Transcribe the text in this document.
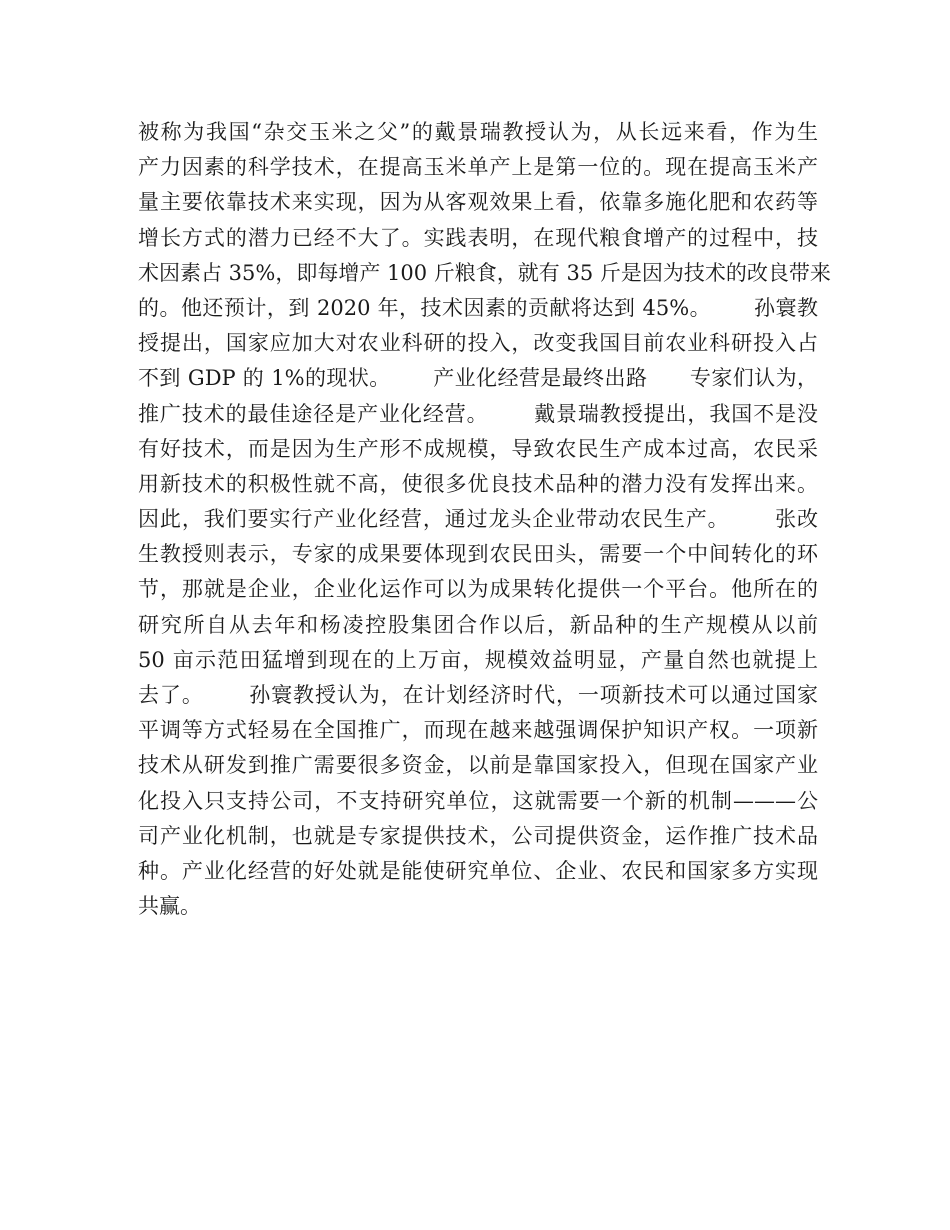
被称为我国“杂交玉米之父”的戴景瑞教授认为，从长远来看，作为生
产力因素的科学技术，在提高玉米单产上是第一位的。现在提高玉米产
量主要依靠技术来实现，因为从客观效果上看，依靠多施化肥和农药等
增长方式的潜力已经不大了。实践表明，在现代粮食增产的过程中，技
术因素占 35%，即每增产 100 斤粮食，就有 35 斤是因为技术的改良带来
的。他还预计，到 2020 年，技术因素的贡献将达到 45%。      孙寰教
授提出，国家应加大对农业科研的投入，改变我国目前农业科研投入占
不到 GDP 的 1%的现状。      产业化经营是最终出路      专家们认为，
推广技术的最佳途径是产业化经营。      戴景瑞教授提出，我国不是没
有好技术，而是因为生产形不成规模，导致农民生产成本过高，农民采
用新技术的积极性就不高，使很多优良技术品种的潜力没有发挥出来。
因此，我们要实行产业化经营，通过龙头企业带动农民生产。      张改
生教授则表示，专家的成果要体现到农民田头，需要一个中间转化的环
节，那就是企业，企业化运作可以为成果转化提供一个平台。他所在的
研究所自从去年和杨凌控股集团合作以后，新品种的生产规模从以前
50 亩示范田猛增到现在的上万亩，规模效益明显，产量自然也就提上
去了。      孙寰教授认为，在计划经济时代，一项新技术可以通过国家
平调等方式轻易在全国推广，而现在越来越强调保护知识产权。一项新
技术从研发到推广需要很多资金，以前是靠国家投入，但现在国家产业
化投入只支持公司，不支持研究单位，这就需要一个新的机制———公
司产业化机制，也就是专家提供技术，公司提供资金，运作推广技术品
种。产业化经营的好处就是能使研究单位、企业、农民和国家多方实现
共赢。
